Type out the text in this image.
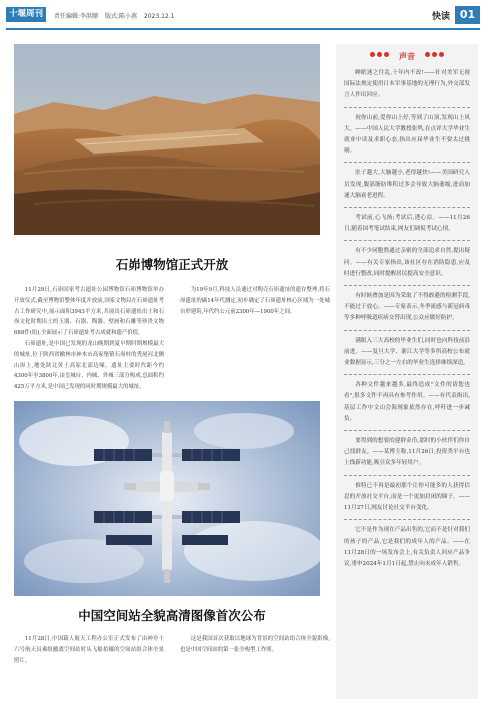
十堰周刊	责任编辑:李洪顺 版式:陈小燕 2023.12.1	快读 01
石峁博物馆正式开放

11月29日,石峁国家考古遗址公园博物馆石峁博物馆举办开放仪式,截至博物馆整体年度开放前,国家文物局在石峁遗址考古工作研究中,展示面积3943平方米,共展出石峁遗址出土和石峁文化时期出土的玉器、石器、陶器、壁画和石雕等珍贵文物688件(组),全面展示了石峁遗址考古成就和遗产价值。

石峁遗址,是中国已发现的龙山晚期到夏早期时期规模最大的城址,位于陕西省榆林市神木市高家堡镇石峁村的秃尾河北侧山峁上,地处陕北黄土高原北部边缘。遗址主要时代距今约4300年至3800年,由皇城台、内城、外城三部分构成,总面积约425万平方米,是中国已发现的同时期规模最大的城址。

为19年9月,科技人员通过对陶壳石峁遗址的遗存整理,将石峁遗址的碳14年代测定,初步确定了石峁遗址核心区域为一处城台形建筑,年代约公元前2300年—1900年之间。

中国空间站全貌高清图像首次公布

11月28日,中国载人航天工程办公室正式发布了由神舟十六号航天员乘组撤离空间站时从飞船拍摄的空间站组合体全景照片。

这是我国首次获取以地球为背景的空间站组合体全貌影像,也是中国空间站的第一张全构型工作照。

声音

睡眠迷之往乱,十年内不改!——针对美军无视国际法规定使用日本军事基地的无理行为,外交部发言人作出回应。

祝你山前,爱你山上好,等到了山顶,发现山上风大。——中国人民大学教授张鸣,在点评大学毕业生就业中谈及求职心态,指出应届毕业生不要太过挑剔。

肚子越大,大脑越小,老得越快!——美国研究人员发现,腹部脂肪堆积过多会导致大脑萎缩,进而加速大脑衰老进程。

考试前,心飞扬;考试后,透心凉。——11月26日,随着国考笔试结束,网友们调侃考试心情。

有不少同胞熬通过亲密的全部追求自然,提出疑问。——有关专家指出,该社区存在消防隐患,应及时进行整改,同时提醒居民提高安全意识。

有时候叠加是因为采取了不得敢避的检测手段,不能过于放心。——专家表示,冬季流感与新冠病毒等多种呼吸道疾病交替出现,公众应做好防护。

满眼入三大高校的毕业生们,同时也向科技前沿前进。——复旦大学、浙江大学等多所高校公布就业数据显示,三分之一左右的毕业生选择继续深造。

各种文件越来越多,最终造成"文件的请您也看",很多文件不再具有参考作用。——有代表指出,基层工作中文山会海现象依然存在,呼吁进一步减负。

要得到的想要的建群金币,那时的小伙伴们你自己找群友。——某博主称,11月26日,投资类平台也上线新功能,吸引众多年轻用户。

推特已不再是最初那个让你可能多的人获得信息的开放社交平台,而是一个更加封闭的圈子。——11月27日,网友讨论社交平台变化。

它不是作为现在产品出售的,它而不是针对我们的孩子的产品,它是我们的成年人的产品。——在11月28日的一场发布会上,有关负责人回应产品争议,重申2024年1月1日起,禁止向未成年人销售。
